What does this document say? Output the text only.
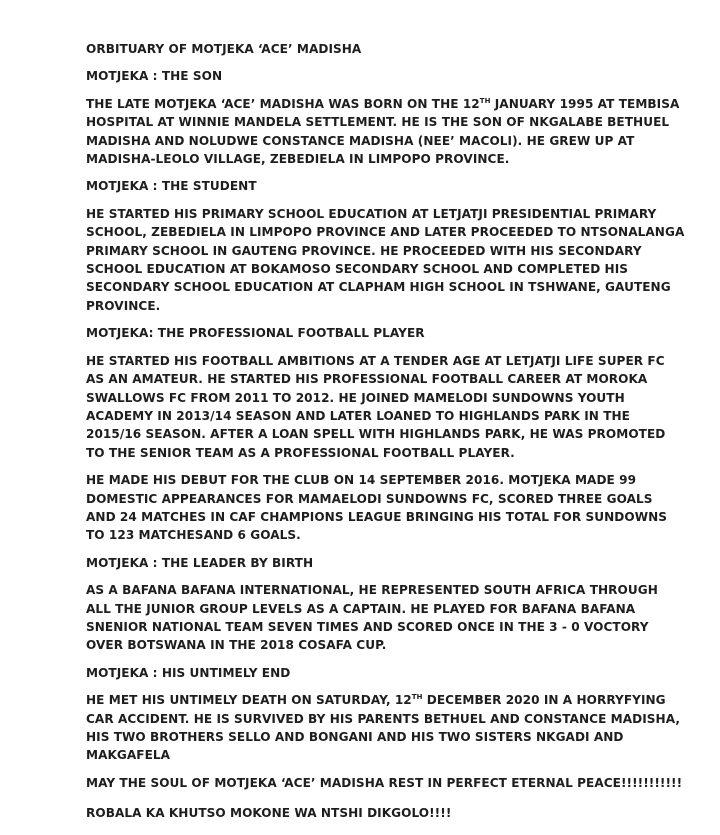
ORBITUARY OF MOTJEKA ‘ACE’ MADISHA

MOTJEKA : THE SON

THE LATE MOTJEKA ‘ACE’ MADISHA WAS BORN ON THE 12TH JANUARY 1995 AT TEMBISA HOSPITAL AT WINNIE MANDELA SETTLEMENT. HE IS THE SON OF NKGALABE BETHUEL MADISHA AND NOLUDWE CONSTANCE MADISHA (NEE’ MACOLI). HE GREW UP AT MADISHA-LEOLO VILLAGE, ZEBEDIELA IN LIMPOPO PROVINCE.

MOTJEKA : THE STUDENT

HE STARTED HIS PRIMARY SCHOOL EDUCATION AT LETJATJI PRESIDENTIAL PRIMARY SCHOOL, ZEBEDIELA IN LIMPOPO PROVINCE AND LATER PROCEEDED TO NTSONALANGA PRIMARY SCHOOL IN GAUTENG PROVINCE. HE PROCEEDED WITH HIS SECONDARY SCHOOL EDUCATION AT BOKAMOSO SECONDARY SCHOOL AND COMPLETED HIS SECONDARY SCHOOL EDUCATION AT CLAPHAM HIGH SCHOOL IN TSHWANE, GAUTENG PROVINCE.

MOTJEKA: THE PROFESSIONAL FOOTBALL PLAYER

HE STARTED HIS FOOTBALL AMBITIONS AT A TENDER AGE AT LETJATJI LIFE SUPER FC AS AN AMATEUR. HE STARTED HIS PROFESSIONAL FOOTBALL CAREER AT MOROKA SWALLOWS FC FROM 2011 TO 2012. HE JOINED MAMELODI SUNDOWNS YOUTH ACADEMY IN 2013/14 SEASON AND LATER LOANED TO HIGHLANDS PARK IN THE 2015/16 SEASON. AFTER A LOAN SPELL WITH HIGHLANDS PARK, HE WAS PROMOTED TO THE SENIOR TEAM AS A PROFESSIONAL FOOTBALL PLAYER.

HE MADE HIS DEBUT FOR THE CLUB ON 14 SEPTEMBER 2016. MOTJEKA MADE 99 DOMESTIC APPEARANCES FOR MAMAELODI SUNDOWNS FC, SCORED THREE GOALS AND 24 MATCHES IN CAF CHAMPIONS LEAGUE BRINGING HIS TOTAL FOR SUNDOWNS TO 123 MATCHESAND 6 GOALS.

MOTJEKA : THE LEADER BY BIRTH

AS A BAFANA BAFANA INTERNATIONAL, HE REPRESENTED SOUTH AFRICA THROUGH ALL THE JUNIOR GROUP LEVELS AS A CAPTAIN. HE PLAYED FOR BAFANA BAFANA SNENIOR NATIONAL TEAM SEVEN TIMES AND SCORED ONCE IN THE 3 - 0 VOCTORY OVER BOTSWANA IN THE 2018 COSAFA CUP.

MOTJEKA : HIS UNTIMELY END

HE MET HIS UNTIMELY DEATH ON SATURDAY, 12TH DECEMBER 2020 IN A HORRYFYING CAR ACCIDENT. HE IS SURVIVED BY HIS PARENTS BETHUEL AND CONSTANCE MADISHA, HIS TWO BROTHERS SELLO AND BONGANI AND HIS TWO SISTERS NKGADI AND MAKGAFELA

MAY THE SOUL OF MOTJEKA ‘ACE’ MADISHA REST IN PERFECT ETERNAL PEACE!!!!!!!!!!!

ROBALA KA KHUTSO MOKONE WA NTSHI DIKGOLO!!!!
